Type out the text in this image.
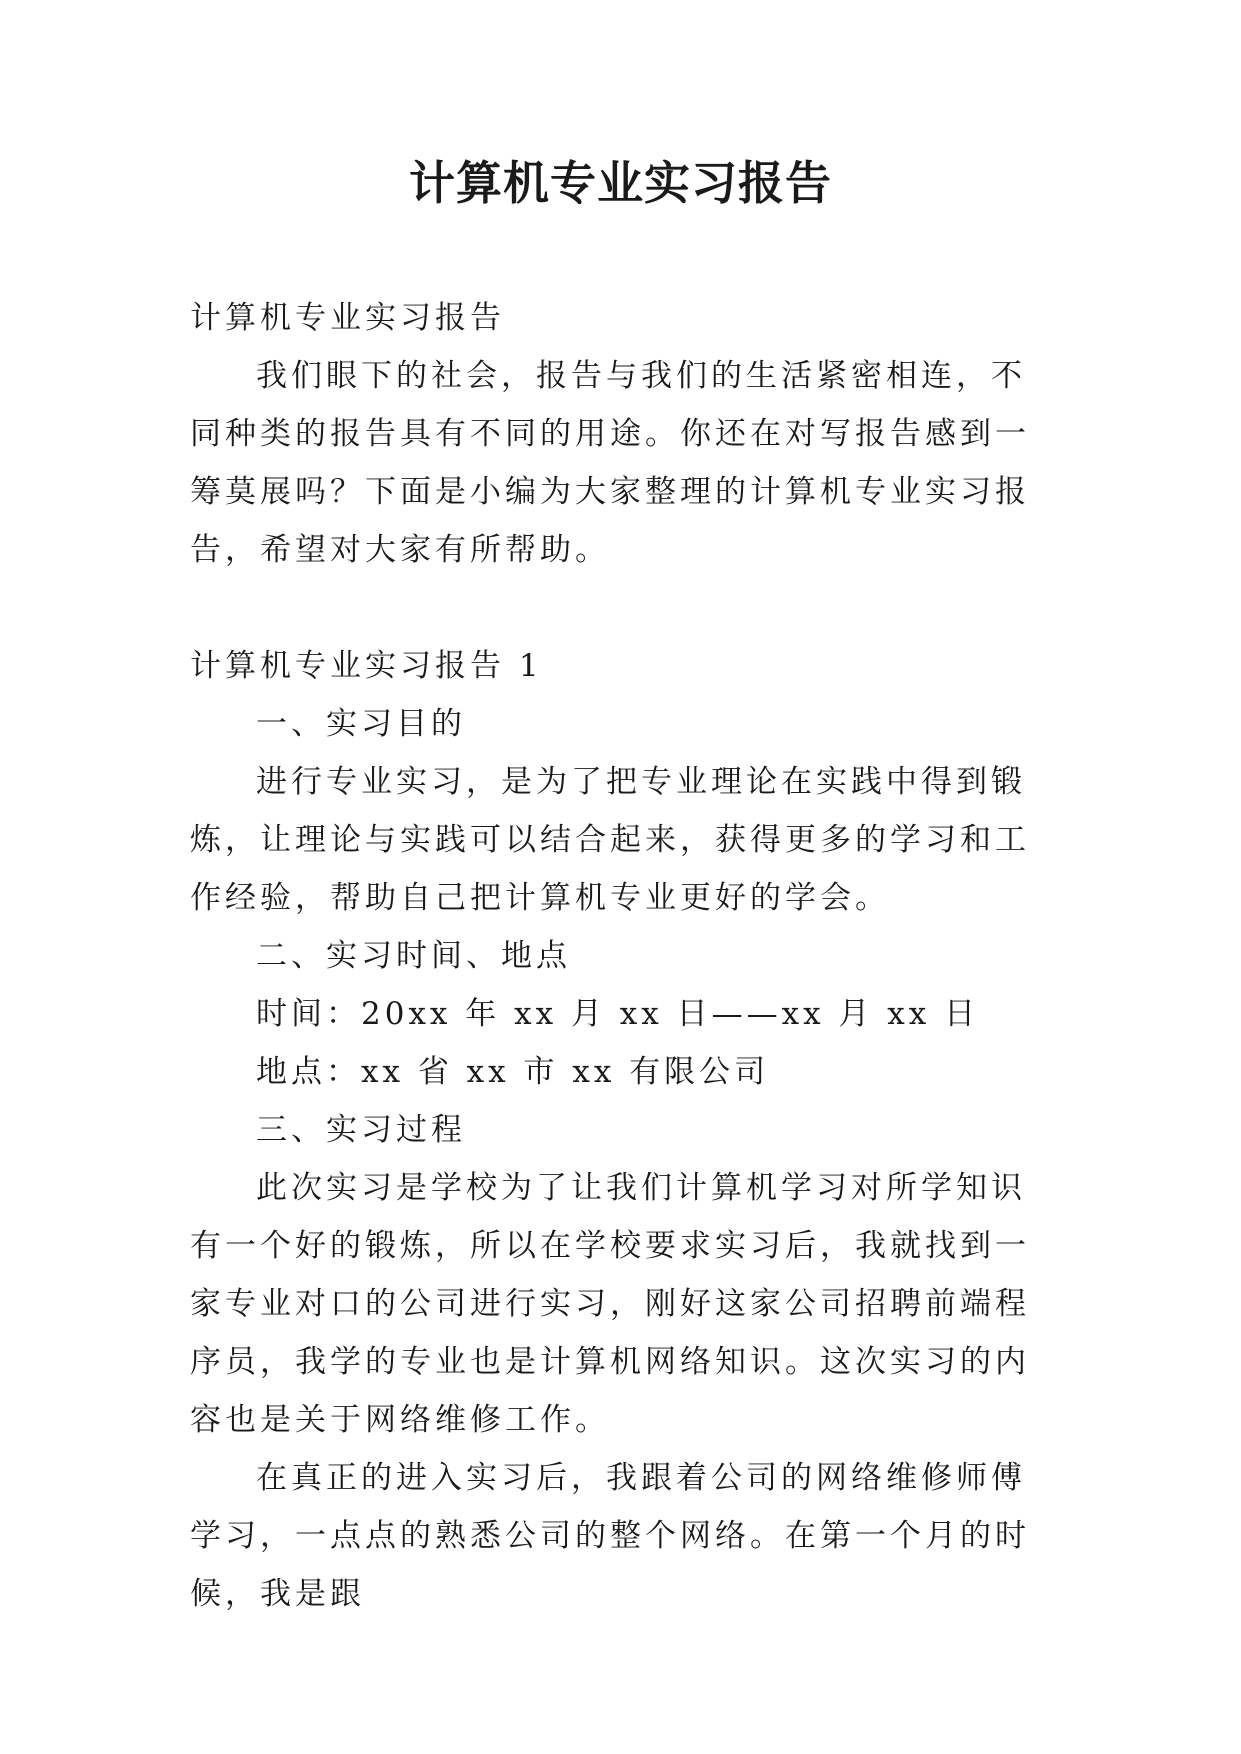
计算机专业实习报告

计算机专业实习报告

我们眼下的社会，报告与我们的生活紧密相连，不同种类的报告具有不同的用途。你还在对写报告感到一筹莫展吗？下面是小编为大家整理的计算机专业实习报告，希望对大家有所帮助。

计算机专业实习报告 1

一、实习目的

进行专业实习，是为了把专业理论在实践中得到锻炼，让理论与实践可以结合起来，获得更多的学习和工作经验，帮助自己把计算机专业更好的学会。

二、实习时间、地点

时间：20xx 年 xx 月 xx 日——xx 月 xx 日

地点：xx 省 xx 市 xx 有限公司

三、实习过程

此次实习是学校为了让我们计算机学习对所学知识有一个好的锻炼，所以在学校要求实习后，我就找到一家专业对口的公司进行实习，刚好这家公司招聘前端程序员，我学的专业也是计算机网络知识。这次实习的内容也是关于网络维修工作。

在真正的进入实习后，我跟着公司的网络维修师傅学习，一点点的熟悉公司的整个网络。在第一个月的时候，我是跟
